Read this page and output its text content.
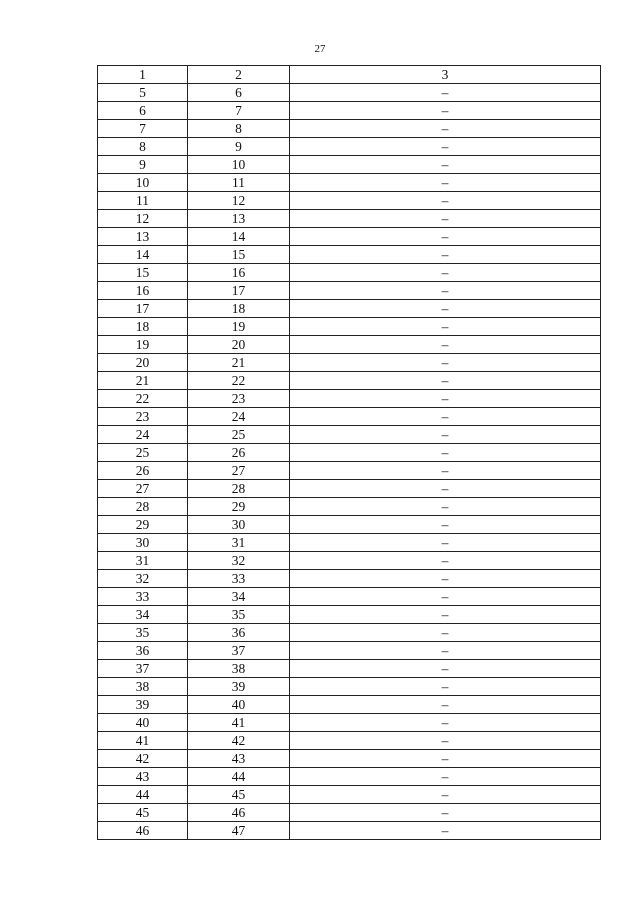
27
1	2	3
5	6	–
6	7	–
7	8	–
8	9	–
9	10	–
10	11	–
11	12	–
12	13	–
13	14	–
14	15	–
15	16	–
16	17	–
17	18	–
18	19	–
19	20	–
20	21	–
21	22	–
22	23	–
23	24	–
24	25	–
25	26	–
26	27	–
27	28	–
28	29	–
29	30	–
30	31	–
31	32	–
32	33	–
33	34	–
34	35	–
35	36	–
36	37	–
37	38	–
38	39	–
39	40	–
40	41	–
41	42	–
42	43	–
43	44	–
44	45	–
45	46	–
46	47	–
